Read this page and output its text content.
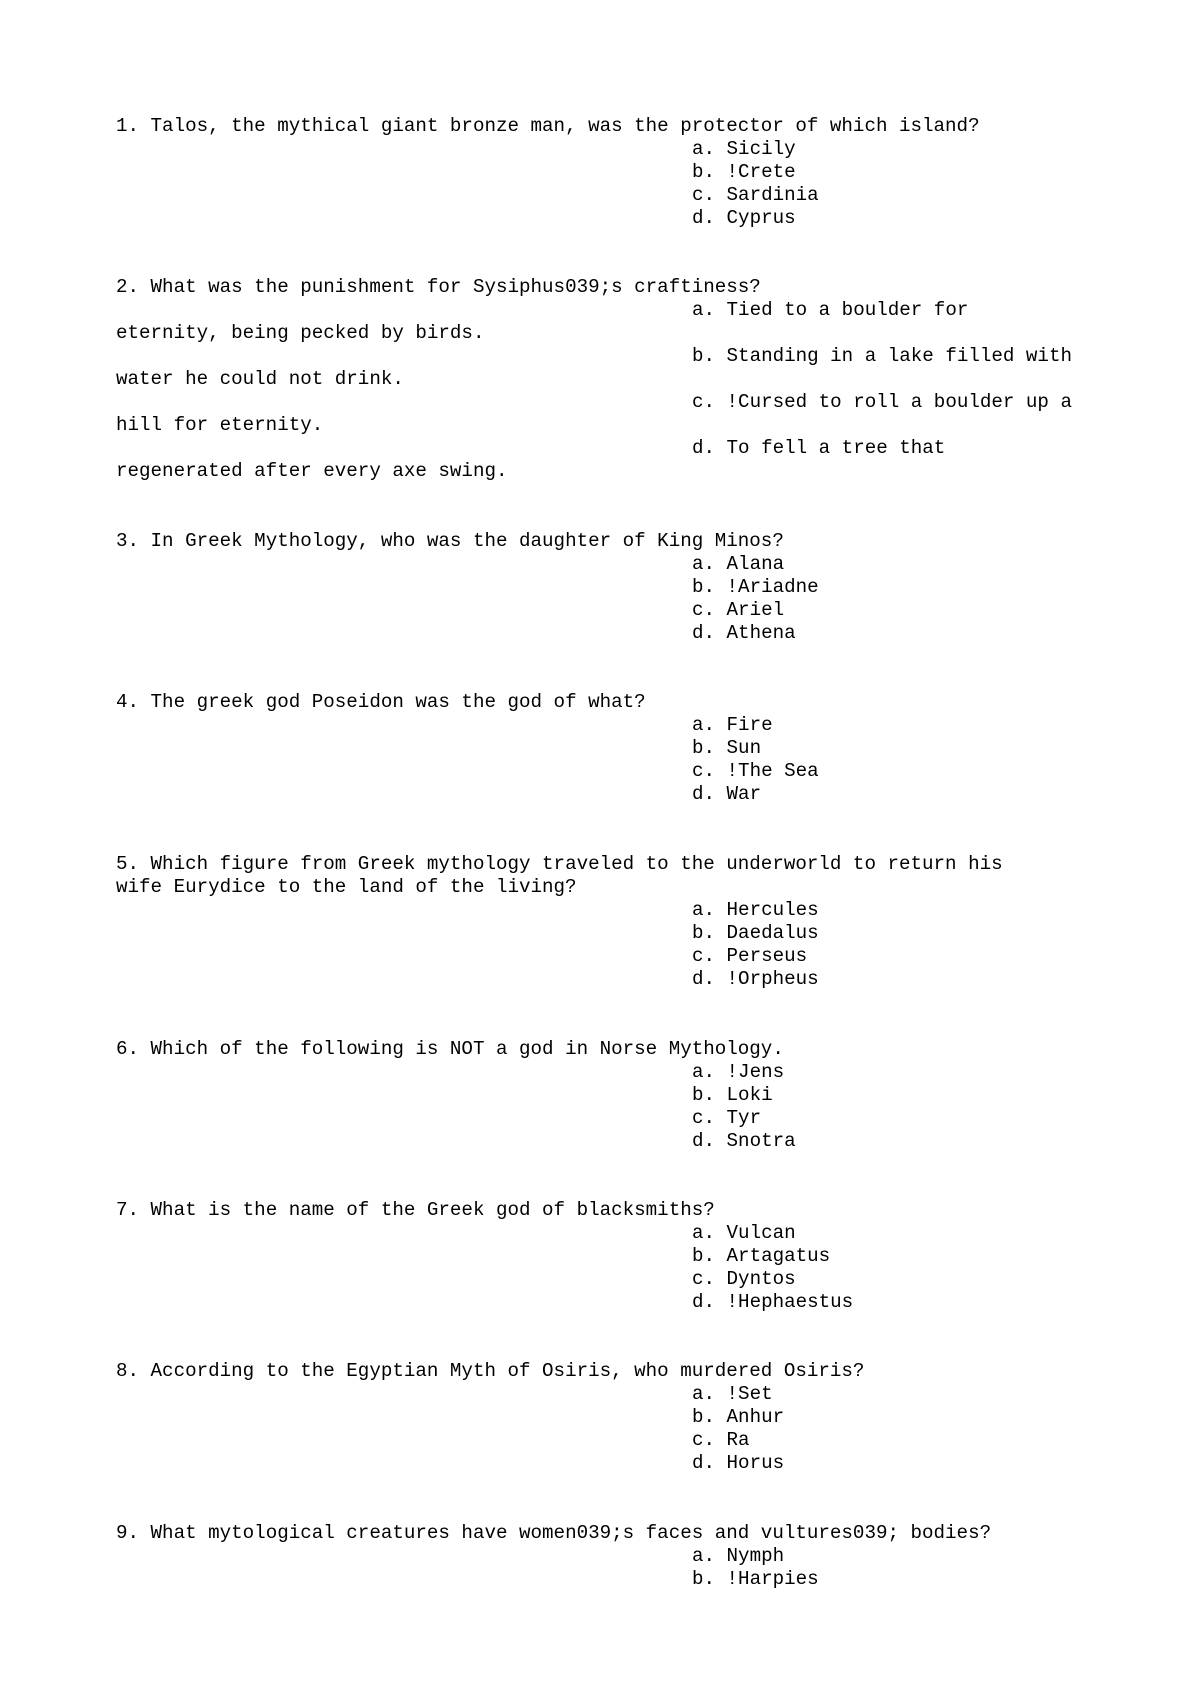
1. Talos, the mythical giant bronze man, was the protector of which island?
a. Sicily
b. !Crete
c. Sardinia
d. Cyprus
2. What was the punishment for Sysiphus039;s craftiness?
a. Tied to a boulder for
eternity, being pecked by birds.
b. Standing in a lake filled with
water he could not drink.
c. !Cursed to roll a boulder up a
hill for eternity.
d. To fell a tree that
regenerated after every axe swing.
3. In Greek Mythology, who was the daughter of King Minos?
a. Alana
b. !Ariadne
c. Ariel
d. Athena
4. The greek god Poseidon was the god of what?
a. Fire
b. Sun
c. !The Sea
d. War
5. Which figure from Greek mythology traveled to the underworld to return his
wife Eurydice to the land of the living?
a. Hercules
b. Daedalus
c. Perseus
d. !Orpheus
6. Which of the following is NOT a god in Norse Mythology.
a. !Jens
b. Loki
c. Tyr
d. Snotra
7. What is the name of the Greek god of blacksmiths?
a. Vulcan
b. Artagatus
c. Dyntos
d. !Hephaestus
8. According to the Egyptian Myth of Osiris, who murdered Osiris?
a. !Set
b. Anhur
c. Ra
d. Horus
9. What mytological creatures have women039;s faces and vultures039; bodies?
a. Nymph
b. !Harpies
